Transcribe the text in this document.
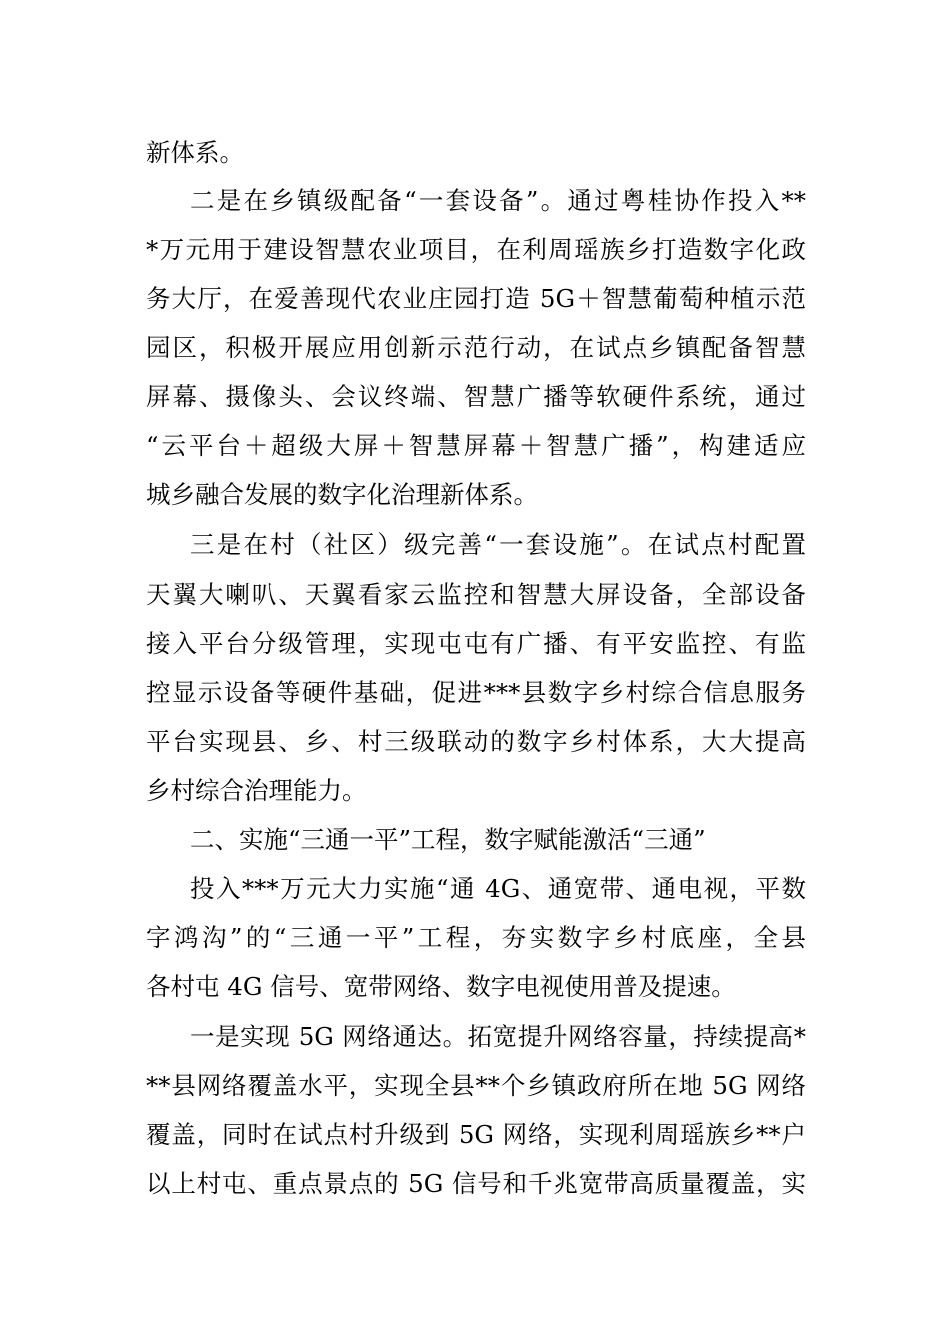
新体系。
二是在乡镇级配备“一套设备”。通过粤桂协作投入**
*万元用于建设智慧农业项目，在利周瑶族乡打造数字化政
务大厅，在爱善现代农业庄园打造 5G＋智慧葡萄种植示范
园区，积极开展应用创新示范行动，在试点乡镇配备智慧
屏幕、摄像头、会议终端、智慧广播等软硬件系统，通过
“云平台＋超级大屏＋智慧屏幕＋智慧广播”，构建适应
城乡融合发展的数字化治理新体系。
三是在村（社区）级完善“一套设施”。在试点村配置
天翼大喇叭、天翼看家云监控和智慧大屏设备，全部设备
接入平台分级管理，实现屯屯有广播、有平安监控、有监
控显示设备等硬件基础，促进***县数字乡村综合信息服务
平台实现县、乡、村三级联动的数字乡村体系，大大提高
乡村综合治理能力。
二、实施“三通一平”工程，数字赋能激活“三通”
投入***万元大力实施“通 4G、通宽带、通电视，平数
字鸿沟”的“三通一平”工程，夯实数字乡村底座，全县
各村屯 4G 信号、宽带网络、数字电视使用普及提速。
一是实现 5G 网络通达。拓宽提升网络容量，持续提高*
**县网络覆盖水平，实现全县**个乡镇政府所在地 5G 网络
覆盖，同时在试点村升级到 5G 网络，实现利周瑶族乡**户
以上村屯、重点景点的 5G 信号和千兆宽带高质量覆盖，实
